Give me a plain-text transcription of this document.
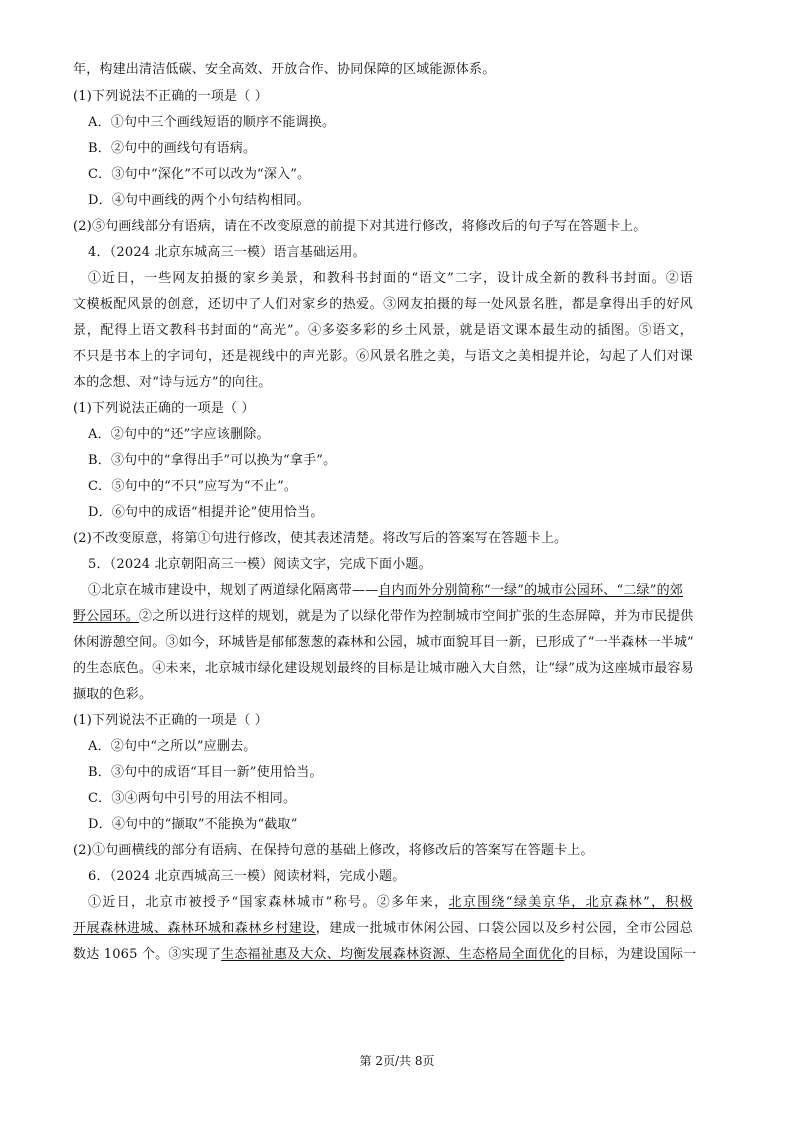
年，构建出清洁低碳、安全高效、开放合作、协同保障的区域能源体系。
(1)下列说法不正确的一项是（ ）
A．①句中三个画线短语的顺序不能调换。
B．②句中的画线句有语病。
C．③句中“深化”不可以改为“深入”。
D．④句中画线的两个小句结构相同。
(2)⑤句画线部分有语病，请在不改变原意的前提下对其进行修改，将修改后的句子写在答题卡上。
4．（2024 北京东城高三一模）语言基础运用。
①近日，一些网友拍摄的家乡美景，和教科书封面的“语文”二字，设计成全新的教科书封面。②语
文模板配风景的创意，还切中了人们对家乡的热爱。③网友拍摄的每一处风景名胜，都是拿得出手的好风
景，配得上语文教科书封面的“高光”。④多姿多彩的乡土风景，就是语文课本最生动的插图。⑤语文，
不只是书本上的字词句，还是视线中的声光影。⑥风景名胜之美，与语文之美相提并论，勾起了人们对课
本的念想、对“诗与远方”的向往。
(1)下列说法正确的一项是（ ）
A．②句中的“还”字应该删除。
B．③句中的“拿得出手”可以换为“拿手”。
C．⑤句中的“不只”应写为“不止”。
D．⑥句中的成语“相提并论”使用恰当。
(2)不改变原意，将第①句进行修改，使其表述清楚。将改写后的答案写在答题卡上。
5．（2024 北京朝阳高三一模）阅读文字，完成下面小题。
①北京在城市建设中，规划了两道绿化隔离带——自内而外分别简称“一绿”的城市公园环、“二绿”的郊
野公园环。②之所以进行这样的规划，就是为了以绿化带作为控制城市空间扩张的生态屏障，并为市民提供
休闲游憩空间。③如今，环城皆是郁郁葱葱的森林和公园，城市面貌耳目一新，已形成了“一半森林一半城”
的生态底色。④未来，北京城市绿化建设规划最终的目标是让城市融入大自然，让“绿”成为这座城市最容易
撷取的色彩。
(1)下列说法不正确的一项是（ ）
A．②句中“之所以”应删去。
B．③句中的成语“耳目一新”使用恰当。
C．③④两句中引号的用法不相同。
D．④句中的“撷取”不能换为“截取”
(2)①句画横线的部分有语病、在保持句意的基础上修改，将修改后的答案写在答题卡上。
6．（2024 北京西城高三一模）阅读材料，完成小题。
①近日，北京市被授予“国家森林城市”称号。②多年来，北京围绕“绿美京华，北京森林”，积极
开展森林进城、森林环城和森林乡村建设，建成一批城市休闲公园、口袋公园以及乡村公园，全市公园总
数达 1065 个。③实现了生态福祉惠及大众、均衡发展森林资源、生态格局全面优化的目标，为建设国际一
第 2页/共 8页
